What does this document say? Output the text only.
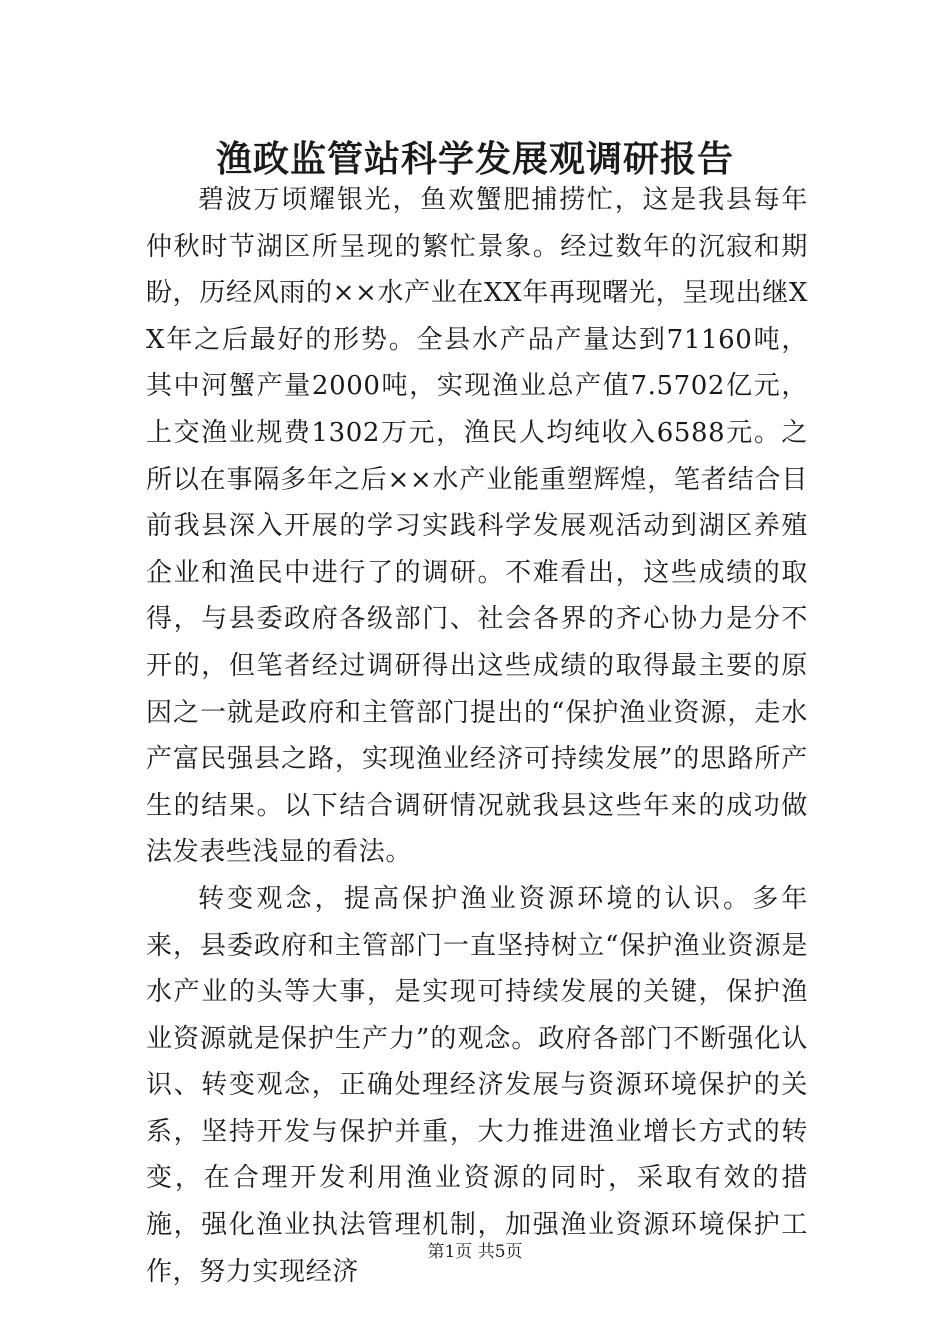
渔政监管站科学发展观调研报告

碧波万顷耀银光，鱼欢蟹肥捕捞忙，这是我县每年仲秋时节湖区所呈现的繁忙景象。经过数年的沉寂和期盼，历经风雨的××水产业在XX年再现曙光，呈现出继XX年之后最好的形势。全县水产品产量达到71160吨，其中河蟹产量2000吨，实现渔业总产值7.5702亿元，上交渔业规费1302万元，渔民人均纯收入6588元。之所以在事隔多年之后××水产业能重塑辉煌，笔者结合目前我县深入开展的学习实践科学发展观活动到湖区养殖企业和渔民中进行了的调研。不难看出，这些成绩的取得，与县委政府各级部门、社会各界的齐心协力是分不开的，但笔者经过调研得出这些成绩的取得最主要的原因之一就是政府和主管部门提出的“保护渔业资源，走水产富民强县之路，实现渔业经济可持续发展”的思路所产生的结果。以下结合调研情况就我县这些年来的成功做法发表些浅显的看法。

转变观念，提高保护渔业资源环境的认识。多年来，县委政府和主管部门一直坚持树立“保护渔业资源是水产业的头等大事，是实现可持续发展的关键，保护渔业资源就是保护生产力”的观念。政府各部门不断强化认识、转变观念，正确处理经济发展与资源环境保护的关系，坚持开发与保护并重，大力推进渔业增长方式的转变，在合理开发利用渔业资源的同时，采取有效的措施，强化渔业执法管理机制，加强渔业资源环境保护工作，努力实现经济

第1页 共5页
